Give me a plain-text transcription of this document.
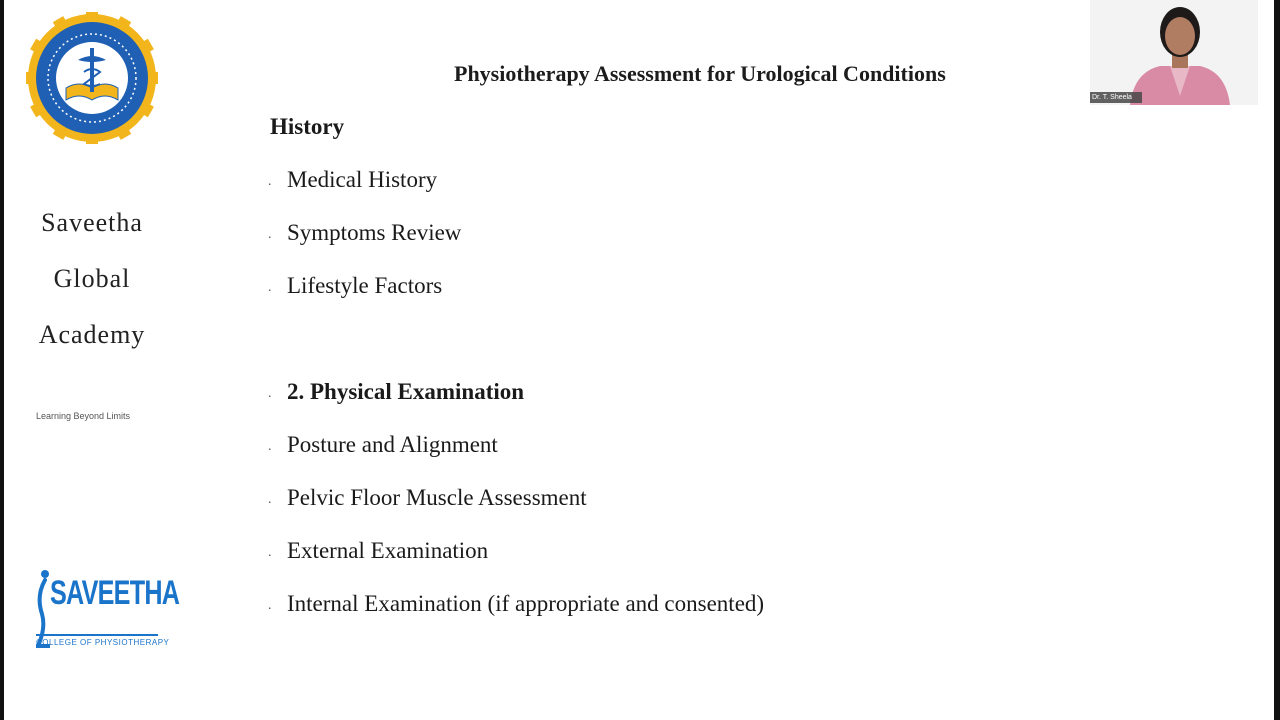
Saveetha
Global
Academy
Learning Beyond Limits
SAVEETHA
COLLEGE OF PHYSIOTHERAPY
Physiotherapy Assessment for Urological Conditions
History
. Medical History
. Symptoms Review
. Lifestyle Factors
. 2. Physical Examination
. Posture and Alignment
. Pelvic Floor Muscle Assessment
. External Examination
. Internal Examination (if appropriate and consented)
Dr. T. Sheela
